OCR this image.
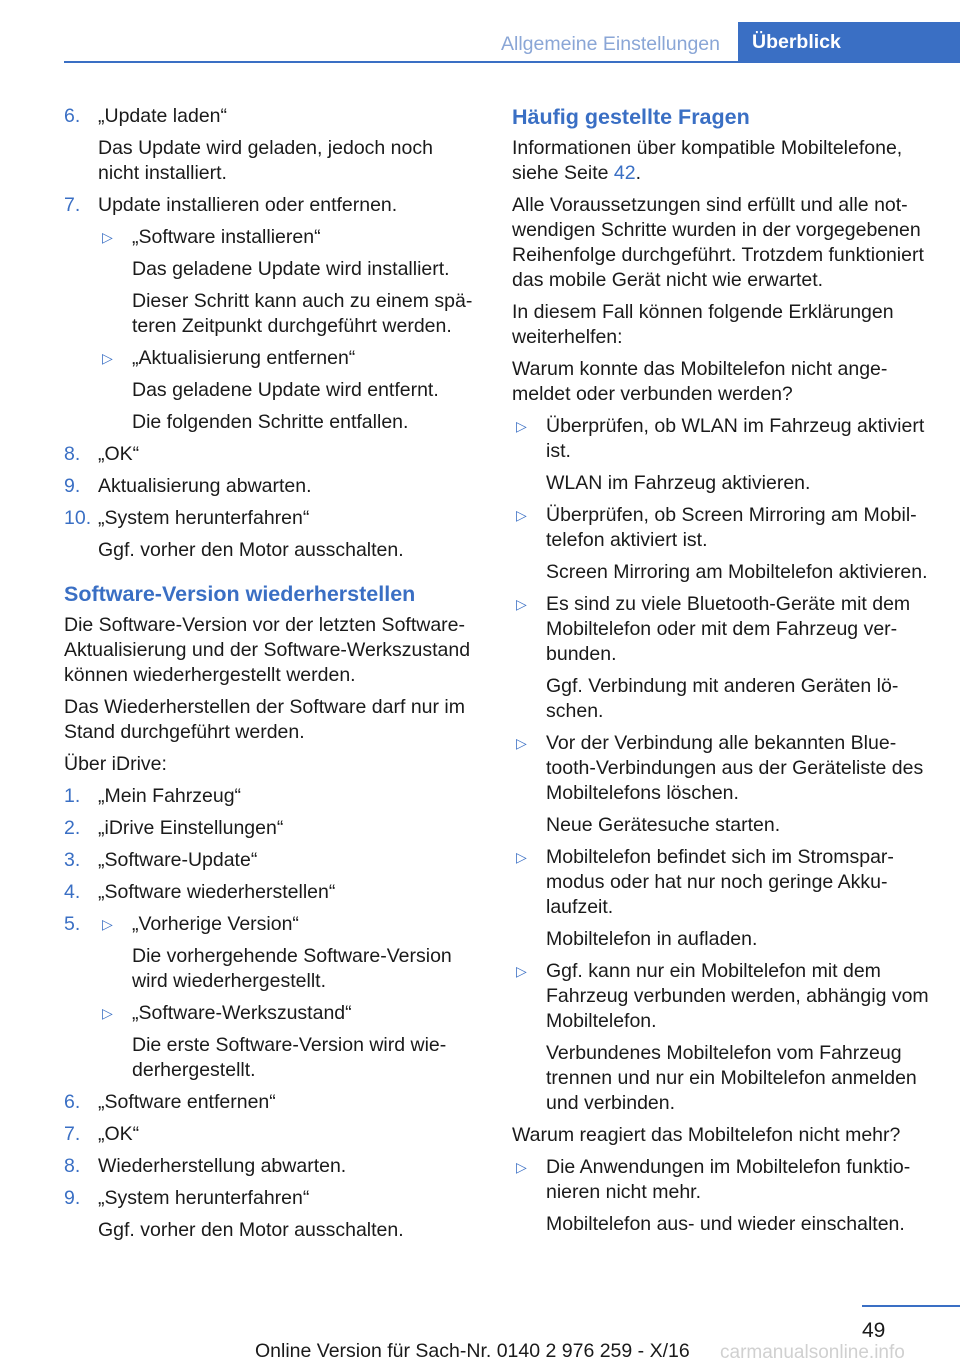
Allgemeine Einstellungen	Überblick
6. „Update laden“
Das Update wird geladen, jedoch noch nicht installiert.
7. Update installieren oder entfernen.
▷ „Software installieren“
Das geladene Update wird installiert.
Dieser Schritt kann auch zu einem späteren Zeitpunkt durchgeführt werden.
▷ „Aktualisierung entfernen“
Das geladene Update wird entfernt.
Die folgenden Schritte entfallen.
8. „OK“
9. Aktualisierung abwarten.
10. „System herunterfahren“
Ggf. vorher den Motor ausschalten.
Software-Version wiederherstellen
Die Software-Version vor der letzten Software-Aktualisierung und der Software-Werkszustand können wiederhergestellt werden.
Das Wiederherstellen der Software darf nur im Stand durchgeführt werden.
Über iDrive:
1. „Mein Fahrzeug“
2. „iDrive Einstellungen“
3. „Software-Update“
4. „Software wiederherstellen“
5. ▷ „Vorherige Version“
Die vorhergehende Software-Version wird wiederhergestellt.
▷ „Software-Werkszustand“
Die erste Software-Version wird wiederhergestellt.
6. „Software entfernen“
7. „OK“
8. Wiederherstellung abwarten.
9. „System herunterfahren“
Ggf. vorher den Motor ausschalten.
Häufig gestellte Fragen
Informationen über kompatible Mobiltelefone, siehe Seite 42.
Alle Voraussetzungen sind erfüllt und alle notwendigen Schritte wurden in der vorgegebenen Reihenfolge durchgeführt. Trotzdem funktioniert das mobile Gerät nicht wie erwartet.
In diesem Fall können folgende Erklärungen weiterhelfen:
Warum konnte das Mobiltelefon nicht angemeldet oder verbunden werden?
▷ Überprüfen, ob WLAN im Fahrzeug aktiviert ist.
WLAN im Fahrzeug aktivieren.
▷ Überprüfen, ob Screen Mirroring am Mobiltelefon aktiviert ist.
Screen Mirroring am Mobiltelefon aktivieren.
▷ Es sind zu viele Bluetooth-Geräte mit dem Mobiltelefon oder mit dem Fahrzeug verbunden.
Ggf. Verbindung mit anderen Geräten löschen.
▷ Vor der Verbindung alle bekannten Bluetooth-Verbindungen aus der Geräteliste des Mobiltelefons löschen.
Neue Gerätesuche starten.
▷ Mobiltelefon befindet sich im Stromsparmodus oder hat nur noch geringe Akkulaufzeit.
Mobiltelefon in aufladen.
▷ Ggf. kann nur ein Mobiltelefon mit dem Fahrzeug verbunden werden, abhängig vom Mobiltelefon.
Verbundenes Mobiltelefon vom Fahrzeug trennen und nur ein Mobiltelefon anmelden und verbinden.
Warum reagiert das Mobiltelefon nicht mehr?
▷ Die Anwendungen im Mobiltelefon funktionieren nicht mehr.
Mobiltelefon aus- und wieder einschalten.
49
Online Version für Sach-Nr. 0140 2 976 259 - X/16 carmanualsonline.info
